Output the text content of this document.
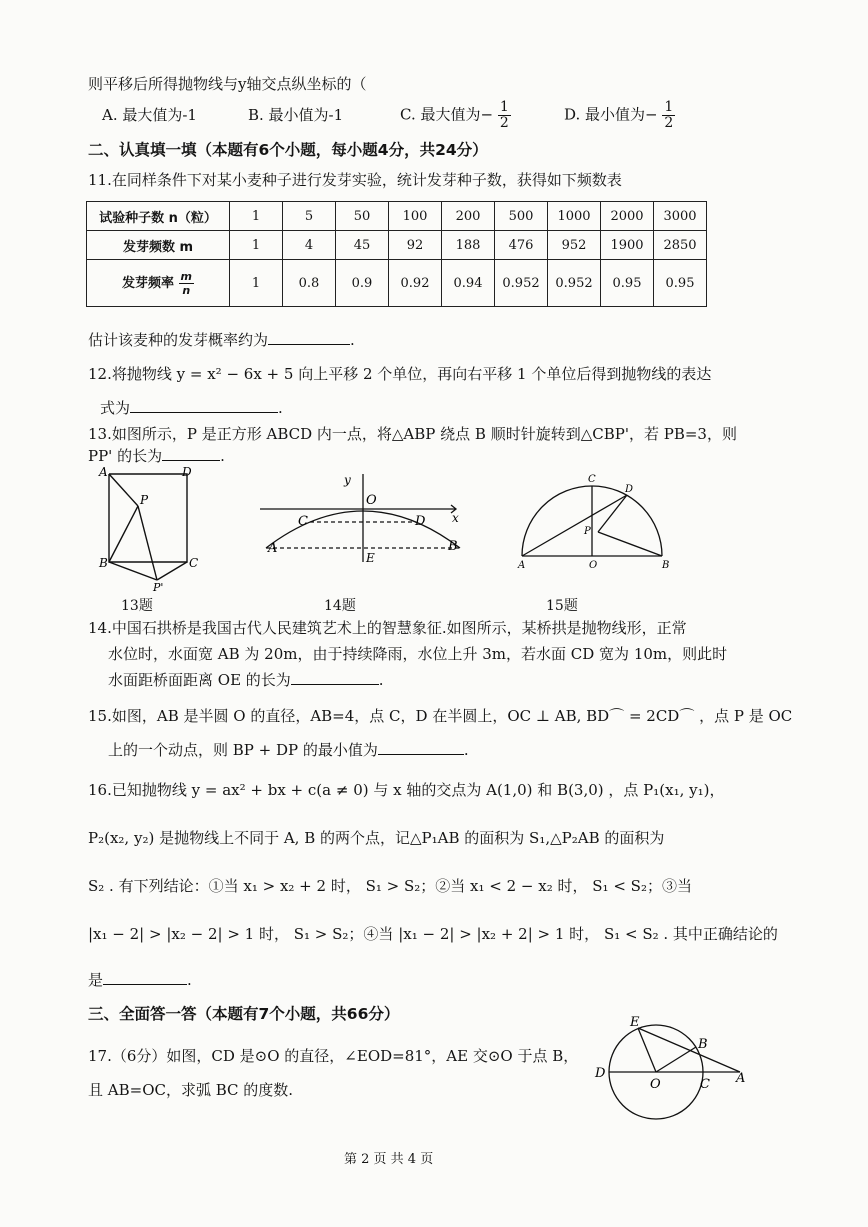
则平移后所得抛物线与y轴交点纵坐标的（
A. 最大值为-1	B. 最小值为-1	C. 最大值为− $\frac{1}{2}$	D. 最小值为− $\frac{1}{2}$
二、认真填一填（本题有6个小题，每小题4分，共24分）
11.在同样条件下对某小麦种子进行发芽实验，统计发芽种子数，获得如下频数表
试验种子数 n（粒）	1	5	50	100	200	500	1000	2000	3000
发芽频数 m	1	4	45	92	188	476	952	1900	2850
发芽频率 $\frac{m}{n}$	1	0.8	0.9	0.92	0.94	0.952	0.952	0.95	0.95
估计该麦种的发芽概率约为	.
12.将抛物线 y = x² − 6x + 5 向上平移 2 个单位，再向右平移 1 个单位后得到抛物线的表达
式为	.
13.如图所示，P 是正方形 ABCD 内一点，将△ABP 绕点 B 顺时针旋转到△CBP'，若 PB=3，则
PP' 的长为	.
A	D
P
B	C
P'
13题
y
O
x
C	D
A	B
E
14题
C
D
P
A	O	B
15题
14.中国石拱桥是我国古代人民建筑艺术上的智慧象征.如图所示，某桥拱是抛物线形，正常
水位时，水面宽 AB 为 20m，由于持续降雨，水位上升 3m，若水面 CD 宽为 10m，则此时
水面距桥面距离 OE 的长为	.
15.如图，AB 是半圆 O 的直径，AB=4，点 C，D 在半圆上，OC ⊥ AB, BD⌒ = 2CD⌒ ，点 P 是 OC
上的一个动点，则 BP + DP 的最小值为	.
16.已知抛物线 y = ax² + bx + c(a ≠ 0) 与 x 轴的交点为 A(1,0) 和 B(3,0) ，点 P₁(x₁, y₁)，
P₂(x₂, y₂) 是抛物线上不同于 A, B 的两个点，记△P₁AB 的面积为 S₁,△P₂AB 的面积为
S₂ . 有下列结论：①当 x₁ > x₂ + 2 时， S₁ > S₂；②当 x₁ < 2 − x₂ 时， S₁ < S₂；③当
|x₁ − 2| > |x₂ − 2| > 1 时， S₁ > S₂；④当 |x₁ − 2| > |x₂ + 2| > 1 时， S₁ < S₂ . 其中正确结论的
是	.
三、全面答一答（本题有7个小题，共66分）
17.（6分）如图，CD 是⊙O 的直径，∠EOD=81°，AE 交⊙O 于点 B，
且 AB=OC，求弧 BC 的度数.
E
B
D
O	C A
第 2 页 共 4 页
